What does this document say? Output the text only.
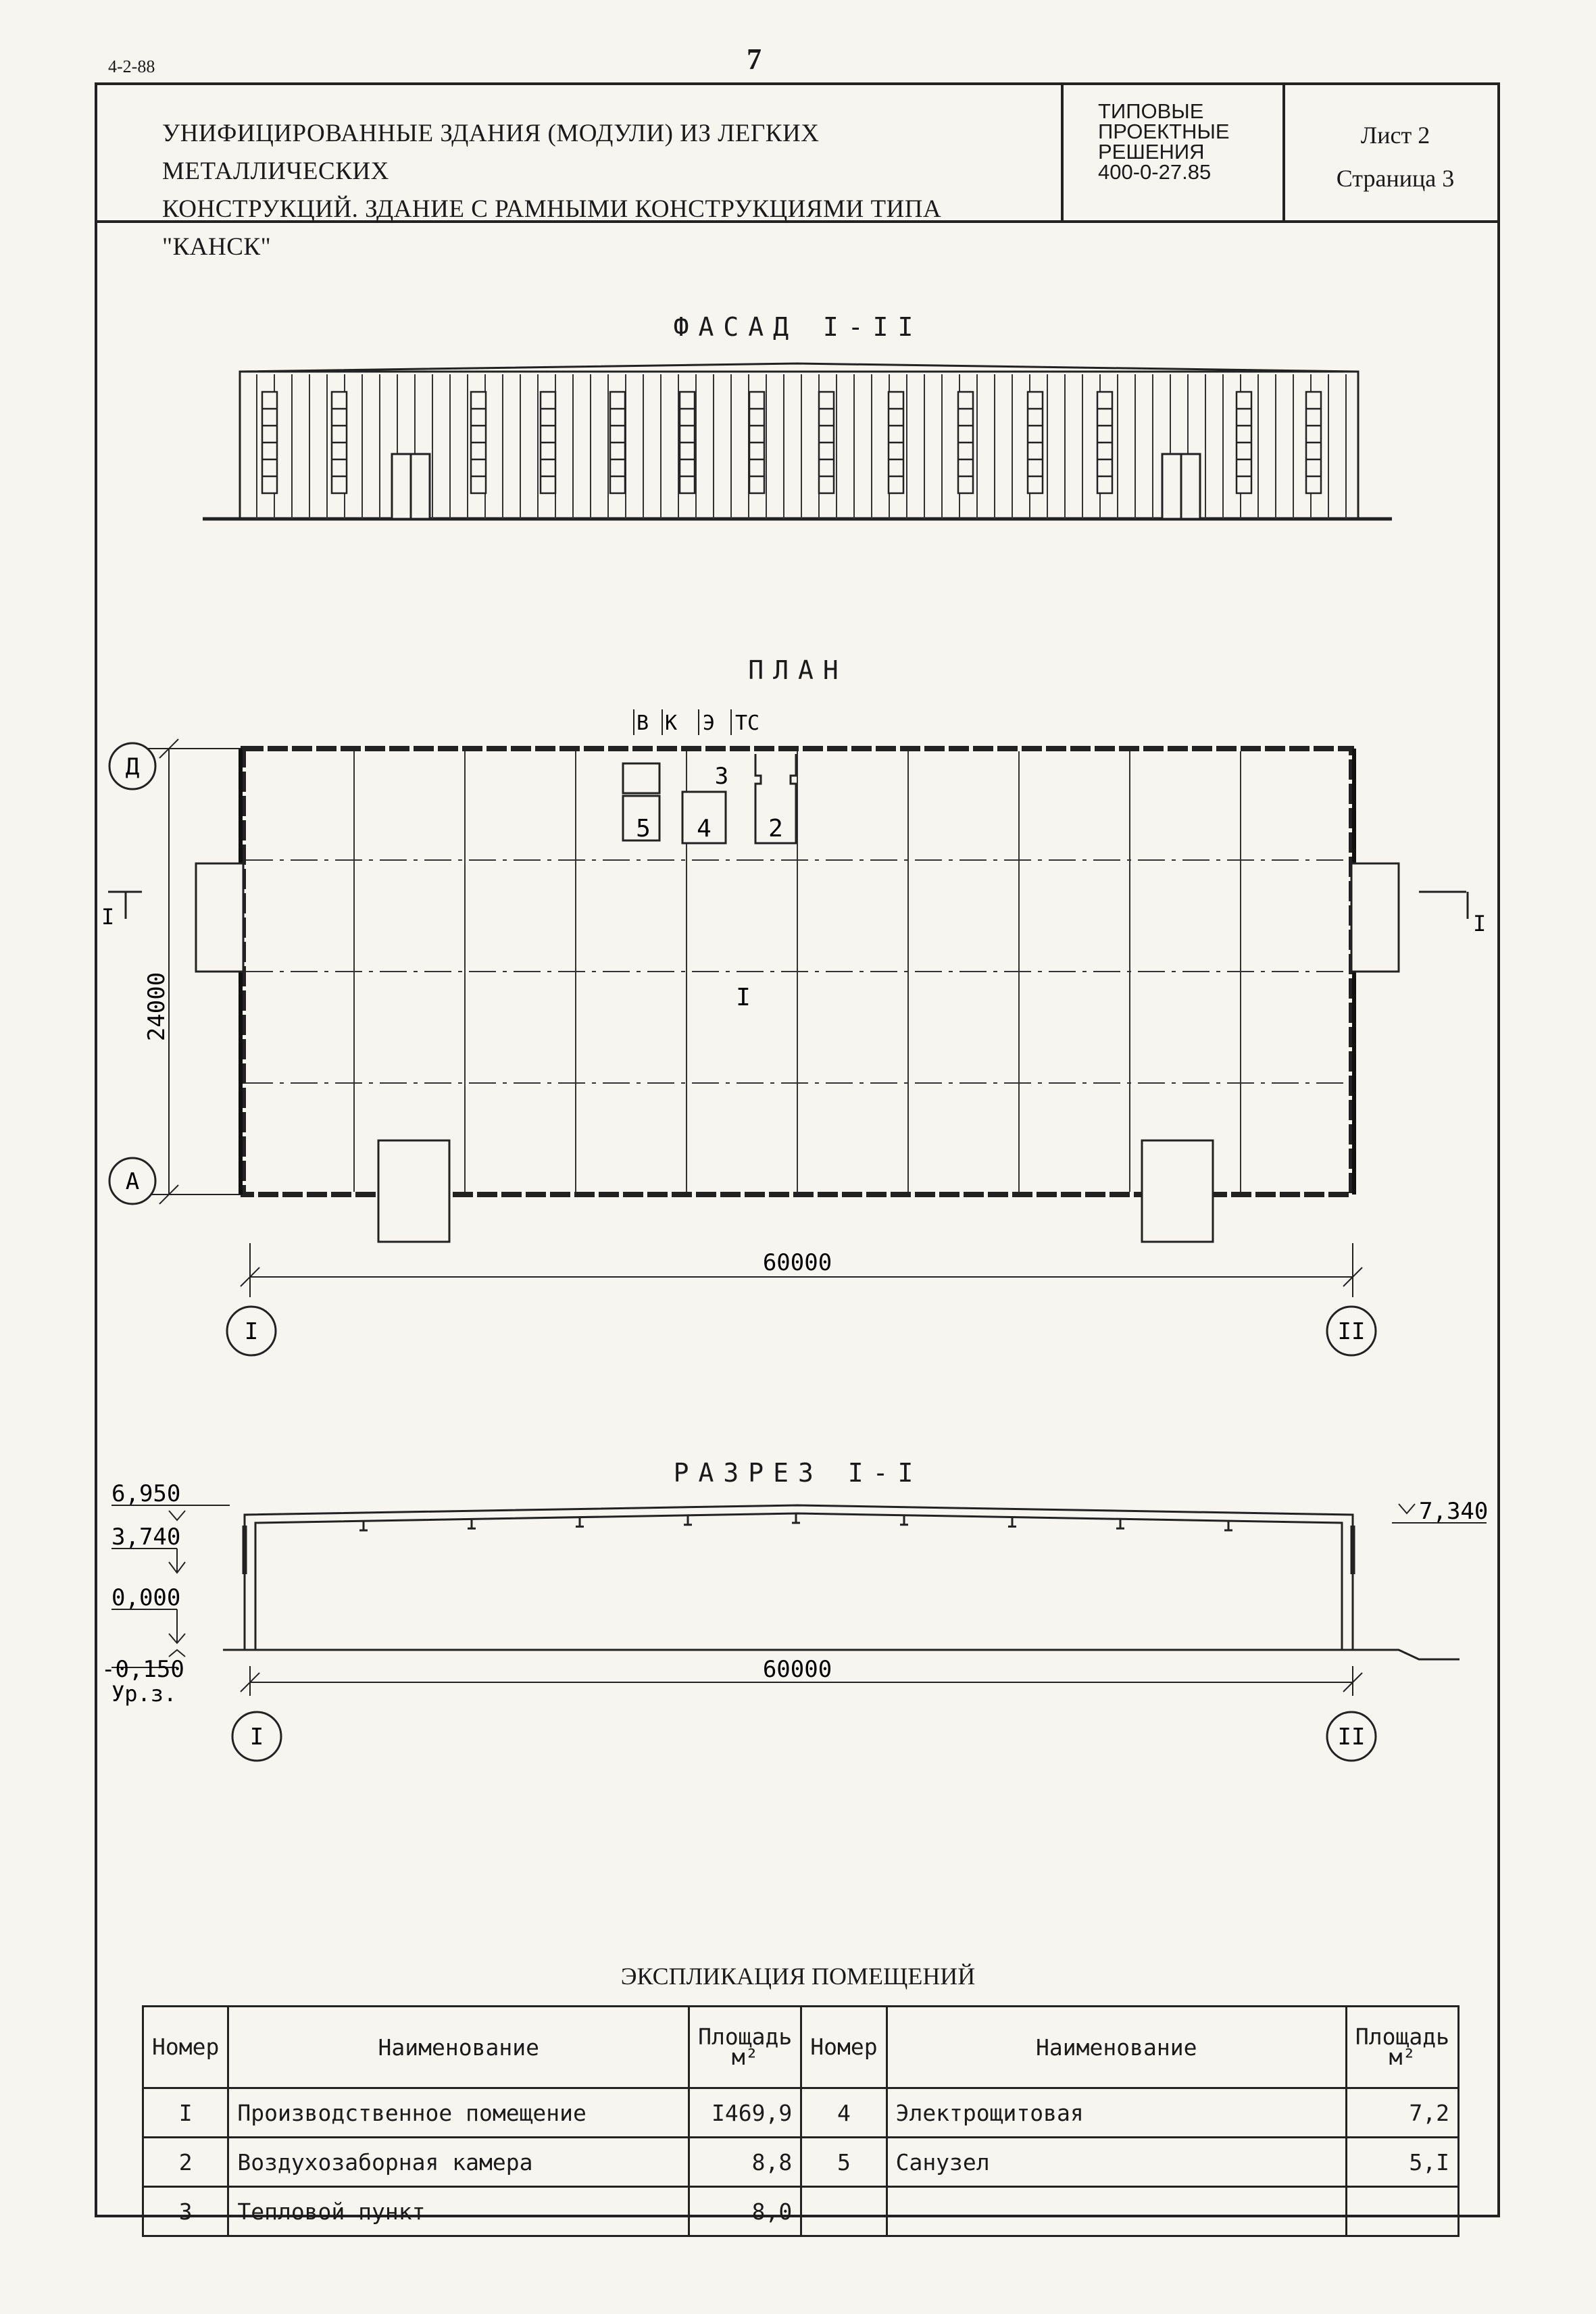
4-2-88	7
УНИФИЦИРОВАННЫЕ ЗДАНИЯ (МОДУЛИ) ИЗ ЛЕГКИХ МЕТАЛЛИЧЕСКИХ
КОНСТРУКЦИЙ. ЗДАНИЕ С РАМНЫМИ КОНСТРУКЦИЯМИ ТИПА "КАНСК"
ТИПОВЫЕ
ПРОЕКТНЫЕ
РЕШЕНИЯ
400-0-27.85
Лист 2
Страница 3
ФАСАД I-II
ПЛАН
5 4
3
2
I
В К Э ТС
24000
Д
А
I	I
60000
I	II
РАЗРЕЗ I-I
6,950
3,740
0,000
-0,150
Ур.з.
7,340
60000
I	II
ЭКСПЛИКАЦИЯ ПОМЕЩЕНИЙ
Номер	Наименование	Площадь м²	Номер	Наименование	Площадь м²
I	Производственное помещение	I469,9	4	Электрощитовая	7,2
2	Воздухозаборная камера	8,8	5	Санузел	5,I
3	Тепловой пункт	8,0			
